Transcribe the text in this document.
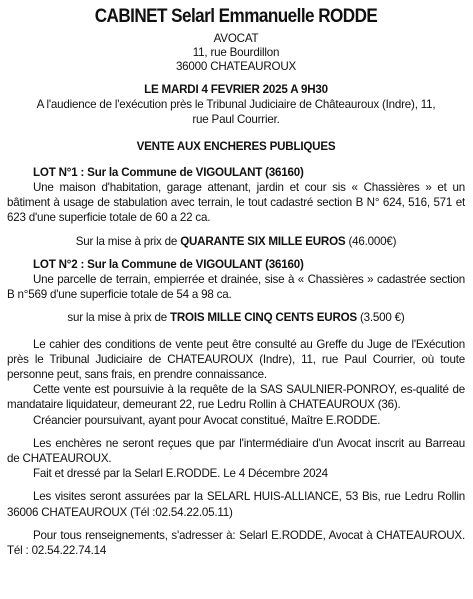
CABINET Selarl Emmanuelle RODDE
AVOCAT
11, rue Bourdillon
36000 CHATEAUROUX
LE MARDI 4 FEVRIER 2025 A 9H30
A l'audience de l'exécution près le Tribunal Judiciaire de Châteauroux (Indre), 11,
rue Paul Courrier.
VENTE AUX ENCHERES PUBLIQUES
LOT N°1 : Sur la Commune de VIGOULANT (36160)
Une maison d'habitation, garage attenant, jardin et cour sis « Chassières » et un bâtiment à usage de stabulation avec terrain, le tout cadastré section B N° 624, 516, 571 et 623 d'une superficie totale de 60 a 22 ca.
Sur la mise à prix de QUARANTE SIX MILLE EUROS (46.000€)
LOT N°2 : Sur la Commune de VIGOULANT (36160)
Une parcelle de terrain, empierrée et drainée, sise à « Chassières » cadastrée section B n°569 d'une superficie totale de 54 a 98 ca.
sur la mise à prix de TROIS MILLE CINQ CENTS EUROS (3.500 €)
Le cahier des conditions de vente peut être consulté au Greffe du Juge de l'Exécution près le Tribunal Judiciaire de CHATEAUROUX (Indre), 11, rue Paul Courrier, où toute personne peut, sans frais, en prendre connaissance.
Cette vente est poursuivie à la requête de la SAS SAULNIER-PONROY, es-qualité de mandataire liquidateur, demeurant 22, rue Ledru Rollin à CHATEAUROUX (36).
Créancier poursuivant, ayant pour Avocat constitué, Maître E.RODDE.
Les enchères ne seront reçues que par l'intermédiaire d'un Avocat inscrit au Barreau de CHATEAUROUX.
Fait et dressé par la Selarl E.RODDE. Le 4 Décembre 2024
Les visites seront assurées par la SELARL HUIS-ALLIANCE, 53 Bis, rue Ledru Rollin 36006 CHATEAUROUX (Tél :02.54.22.05.11)
Pour tous renseignements, s'adresser à: Selarl E.RODDE, Avocat à CHATEAUROUX. Tél : 02.54.22.74.14
